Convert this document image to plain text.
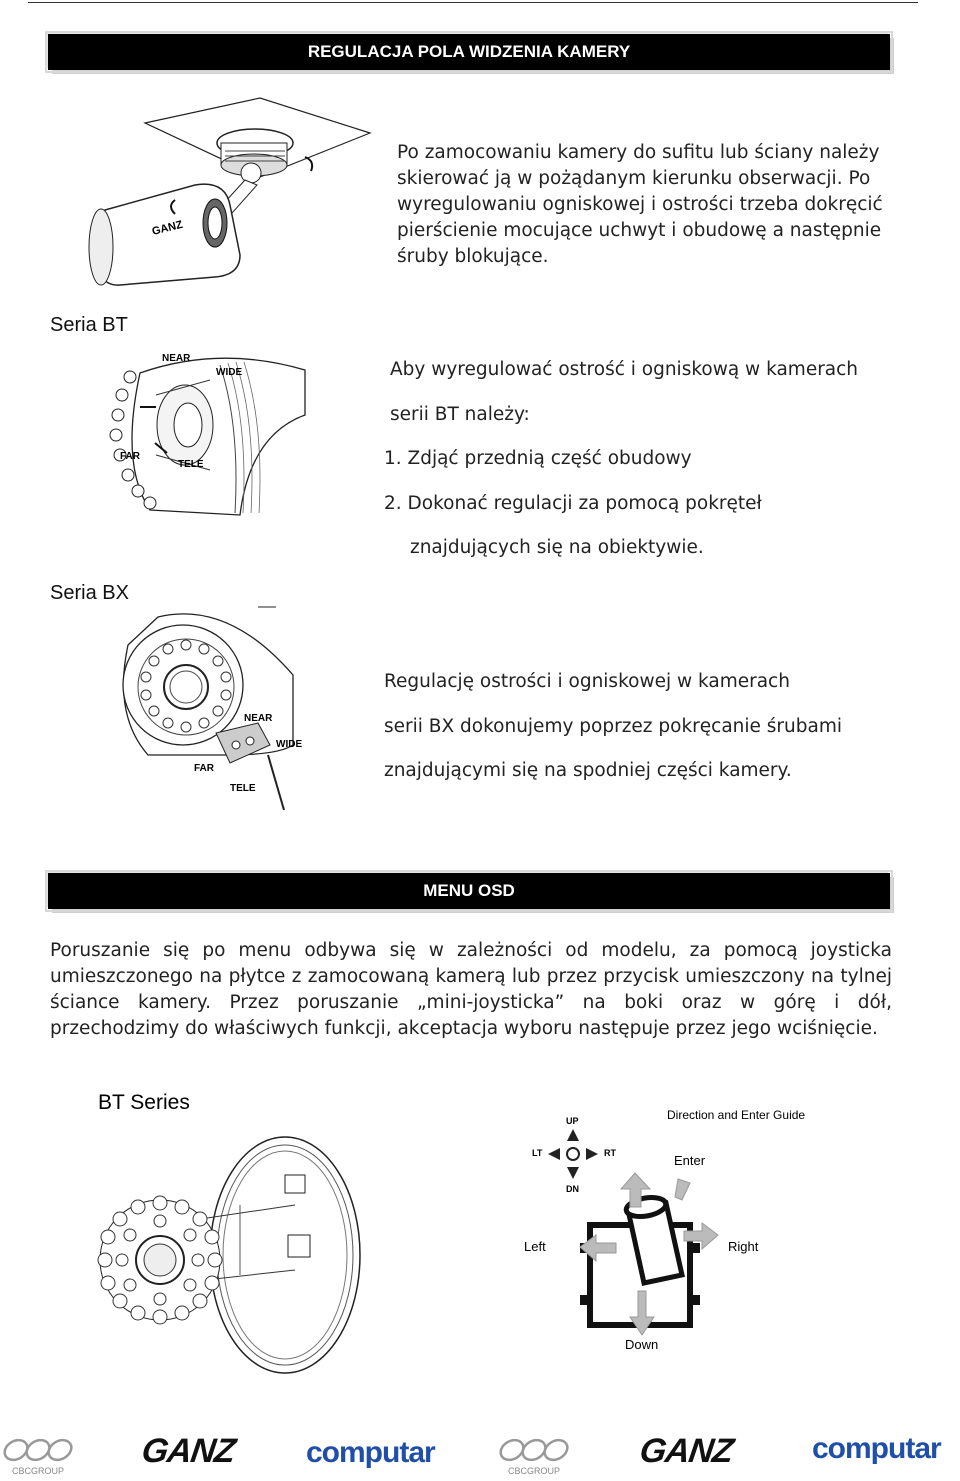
REGULACJA POLA WIDZENIA KAMERY
GANZ
Po zamocowaniu kamery do sufitu lub ściany należy
skierować ją w pożądanym kierunku obserwacji. Po
wyregulowaniu ogniskowej i ostrości trzeba dokręcić
pierścienie mocujące uchwyt i obudowę a następnie
śruby blokujące.
Seria BT
NEAR
WIDE
FAR
TELE
Aby wyregulować ostrość i ogniskową w kamerach
serii BT należy:
1. Zdjąć przednią część obudowy
2. Dokonać regulacji za pomocą pokręteł
znajdujących się na obiektywie.
Seria BX
NEAR
WIDE
FAR
TELE
Regulację ostrości i ogniskowej w kamerach
serii BX dokonujemy poprzez pokręcanie śrubami
znajdującymi się na spodniej części kamery.
MENU OSD

Poruszanie się po menu odbywa się w zależności od modelu, za pomocą joysticka

umieszczonego na płytce z zamocowaną kamerą lub przez przycisk umieszczony na tylnej

ściance kamery. Przez poruszanie „mini-joysticka” na boki oraz w górę i dół,

przechodzimy do właściwych funkcji, akceptacja wyboru następuje przez jego wciśnięcie.

BT Series
Direction and Enter Guide
UP
DN
LT	RT	Enter
Left	Right
Down
CBCGROUP
GANZ computar
CBCGROUP
GANZ	computar
